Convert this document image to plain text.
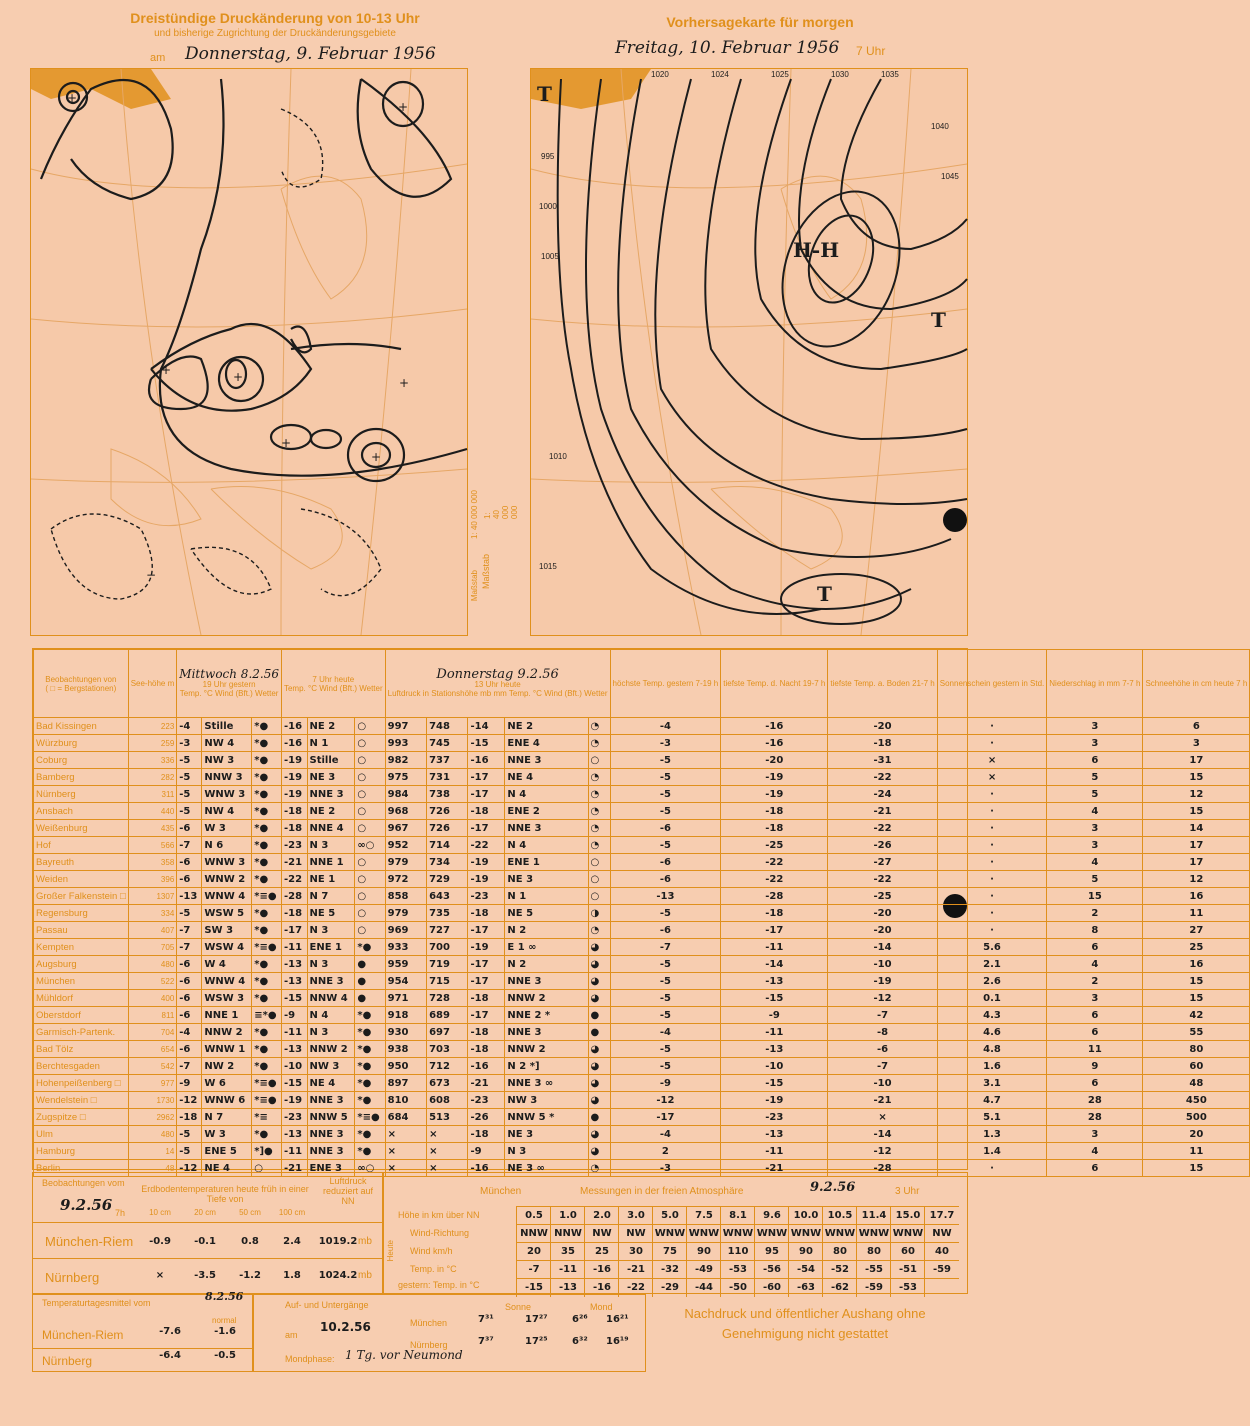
Dreistündige Druckänderung von 10-13 Uhr
und bisherige Zugrichtung der Druckänderungsgebiete
am Donnerstag, 9. Februar 1956
Vorhersagekarte für morgen
Freitag, 10. Februar 1956 7 Uhr
+	+	+
+
+
+
+
−	Maßstab
1: 40 000 000
Maßstab
1: 40 000 000
T
H-H
T
T
995
1000
1005
1010
1015
1020	1024	1025	1030	1035
1040
1045
Beobachtungen von
( □ = Bergstationen)	See-höhe m	Mittwoch 8.2.56
19 Uhr gestern
Temp. °C Wind (Bft.) Wetter			7 Uhr heute
Temp. °C Wind (Bft.) Wetter			Donnerstag 9.2.56
13 Uhr heute
Luftdruck in Stationshöhe mb mm Temp. °C Wind (Bft.) Wetter					höchste Temp. gestern 7-19 h	tiefste Temp. d. Nacht 19-7 h	tiefste Temp. a. Boden 21-7 h	Sonnenschein gestern in Std.	Niederschlag in mm 7-7 h	Schneehöhe in cm heute 7 h
Bad Kissingen	223	-4	Stille	*●	-16	NE 2	○	997	748	-14	NE 2	◔	-4	-16	-20	·	3	6
Würzburg	259	-3	NW 4	*●	-16	N 1	○	993	745	-15	ENE 4	◔	-3	-16	-18	·	3	3
Coburg	336	-5	NW 3	*●	-19	Stille	○	982	737	-16	NNE 3	○	-5	-20	-31	×	6	17
Bamberg	282	-5	NNW 3	*●	-19	NE 3	○	975	731	-17	NE 4	◔	-5	-19	-22	×	5	15
Nürnberg	311	-5	WNW 3	*●	-19	NNE 3	○	984	738	-17	N 4	◔	-5	-19	-24	·	5	12
Ansbach	440	-5	NW 4	*●	-18	NE 2	○	968	726	-18	ENE 2	◔	-5	-18	-21	·	4	15
Weißenburg	435	-6	W 3	*●	-18	NNE 4	○	967	726	-17	NNE 3	◔	-6	-18	-22	·	3	14
Hof	566	-7	N 6	*●	-23	N 3	∞○	952	714	-22	N 4	◔	-5	-25	-26	·	3	17
Bayreuth	358	-6	WNW 3	*●	-21	NNE 1	○	979	734	-19	ENE 1	○	-6	-22	-27	·	4	17
Weiden	396	-6	WNW 2	*●	-22	NE 1	○	972	729	-19	NE 3	○	-6	-22	-22	·	5	12
Großer Falkenstein □	1307	-13	WNW 4	*≡●	-28	N 7	○	858	643	-23	N 1	○	-13	-28	-25	·	15	16
Regensburg	334	-5	WSW 5	*●	-18	NE 5	○	979	735	-18	NE 5	◑	-5	-18	-20	·	2	11
Passau	407	-7	SW 3	*●	-17	N 3	○	969	727	-17	N 2	◔	-6	-17	-20	·	8	27
Kempten	705	-7	WSW 4	*≡●	-11	ENE 1	*●	933	700	-19	E 1 ∞	◕	-7	-11	-14	5.6	6	25
Augsburg	480	-6	W 4	*●	-13	N 3	●	959	719	-17	N 2	◕	-5	-14	-10	2.1	4	16
München	522	-6	WNW 4	*●	-13	NNE 3	●	954	715	-17	NNE 3	◕	-5	-13	-19	2.6	2	15
Mühldorf	400	-6	WSW 3	*●	-15	NNW 4	●	971	728	-18	NNW 2	◕	-5	-15	-12	0.1	3	15
Oberstdorf	811	-6	NNE 1	≡*●	-9	N 4	*●	918	689	-17	NNE 2 *	●	-5	-9	-7	4.3	6	42
Garmisch-Partenk.	704	-4	NNW 2	*●	-11	N 3	*●	930	697	-18	NNE 3	●	-4	-11	-8	4.6	6	55
Bad Tölz	654	-6	WNW 1	*●	-13	NNW 2	*●	938	703	-18	NNW 2	◕	-5	-13	-6	4.8	11	80
Berchtesgaden	542	-7	NW 2	*●	-10	NW 3	*●	950	712	-16	N 2 *]	◕	-5	-10	-7	1.6	9	60
Hohenpeißenberg □	977	-9	W 6	*≡●	-15	NE 4	*●	897	673	-21	NNE 3 ∞	◕	-9	-15	-10	3.1	6	48
Wendelstein □	1730	-12	WNW 6	*≡●	-19	NNE 3	*●	810	608	-23	NW 3	◕	-12	-19	-21	4.7	28	450
Zugspitze □	2962	-18	N 7	*≡	-23	NNW 5	*≡●	684	513	-26	NNW 5 *	●	-17	-23	×	5.1	28	500
Ulm	480	-5	W 3	*●	-13	NNE 3	*●	×	×	-18	NE 3	◕	-4	-13	-14	1.3	3	20
Hamburg	14	-5	ENE 5	*]●	-11	NNE 3	*●	×	×	-9	N 3	◕	2	-11	-12	1.4	4	11
Berlin	48	-12	NE 4	○	-21	ENE 3	∞○	×	×	-16	NE 3 ∞	◔	-3	-21	-28	·	6	15
Beobachtungen vom
9.2.56 7h
Erdbodentemperaturen heute früh in einer Tiefe von
10 cm	20 cm	50 cm	100 cm
Luftdruck reduziert auf NN
München-Riem	-0.9	-0.1	0.8	2.4	1019.2 mb
Nürnberg	×	-3.5	-1.2	1.8	1024.2 mb
München	Messungen in der freien Atmosphäre	9.2.56	3 Uhr
Heute
Höhe in km über NN
Wind-Richtung
Wind km/h
Temp. in °C
gestern: Temp. in °C
0.5	1.0	2.0	3.0	5.0	7.5	8.1	9.6	10.0 10.5 11.4 15.0 17.7
NNW NNW	NW	NW WNW WNW WNW WNW WNW WNW WNW WNW NW
20	35	25	30	75	90	110	95	90	80	80	60	40
-7	-11	-16	-21	-32	-49	-53	-56	-54	-52	-55	-51	-59
-15	-13	-16	-22	-29	-44	-50	-60	-63	-62	-59	-53
Temperaturtagesmittel vom	8.2.56
normal
München-Riem	-7.6	-1.6
Nürnberg	-6.4	-0.5
Auf- und Untergänge
am
10.2.56
Mondphase: 1 Tg. vor Neumond
Sonne	Mond
München	7³¹	17²⁷ 6²⁶ 16²¹
Nürnberg	7³⁷	17²⁵ 6³² 16¹⁹
Nachdruck und öffentlicher Aushang ohne Genehmigung nicht gestattet
